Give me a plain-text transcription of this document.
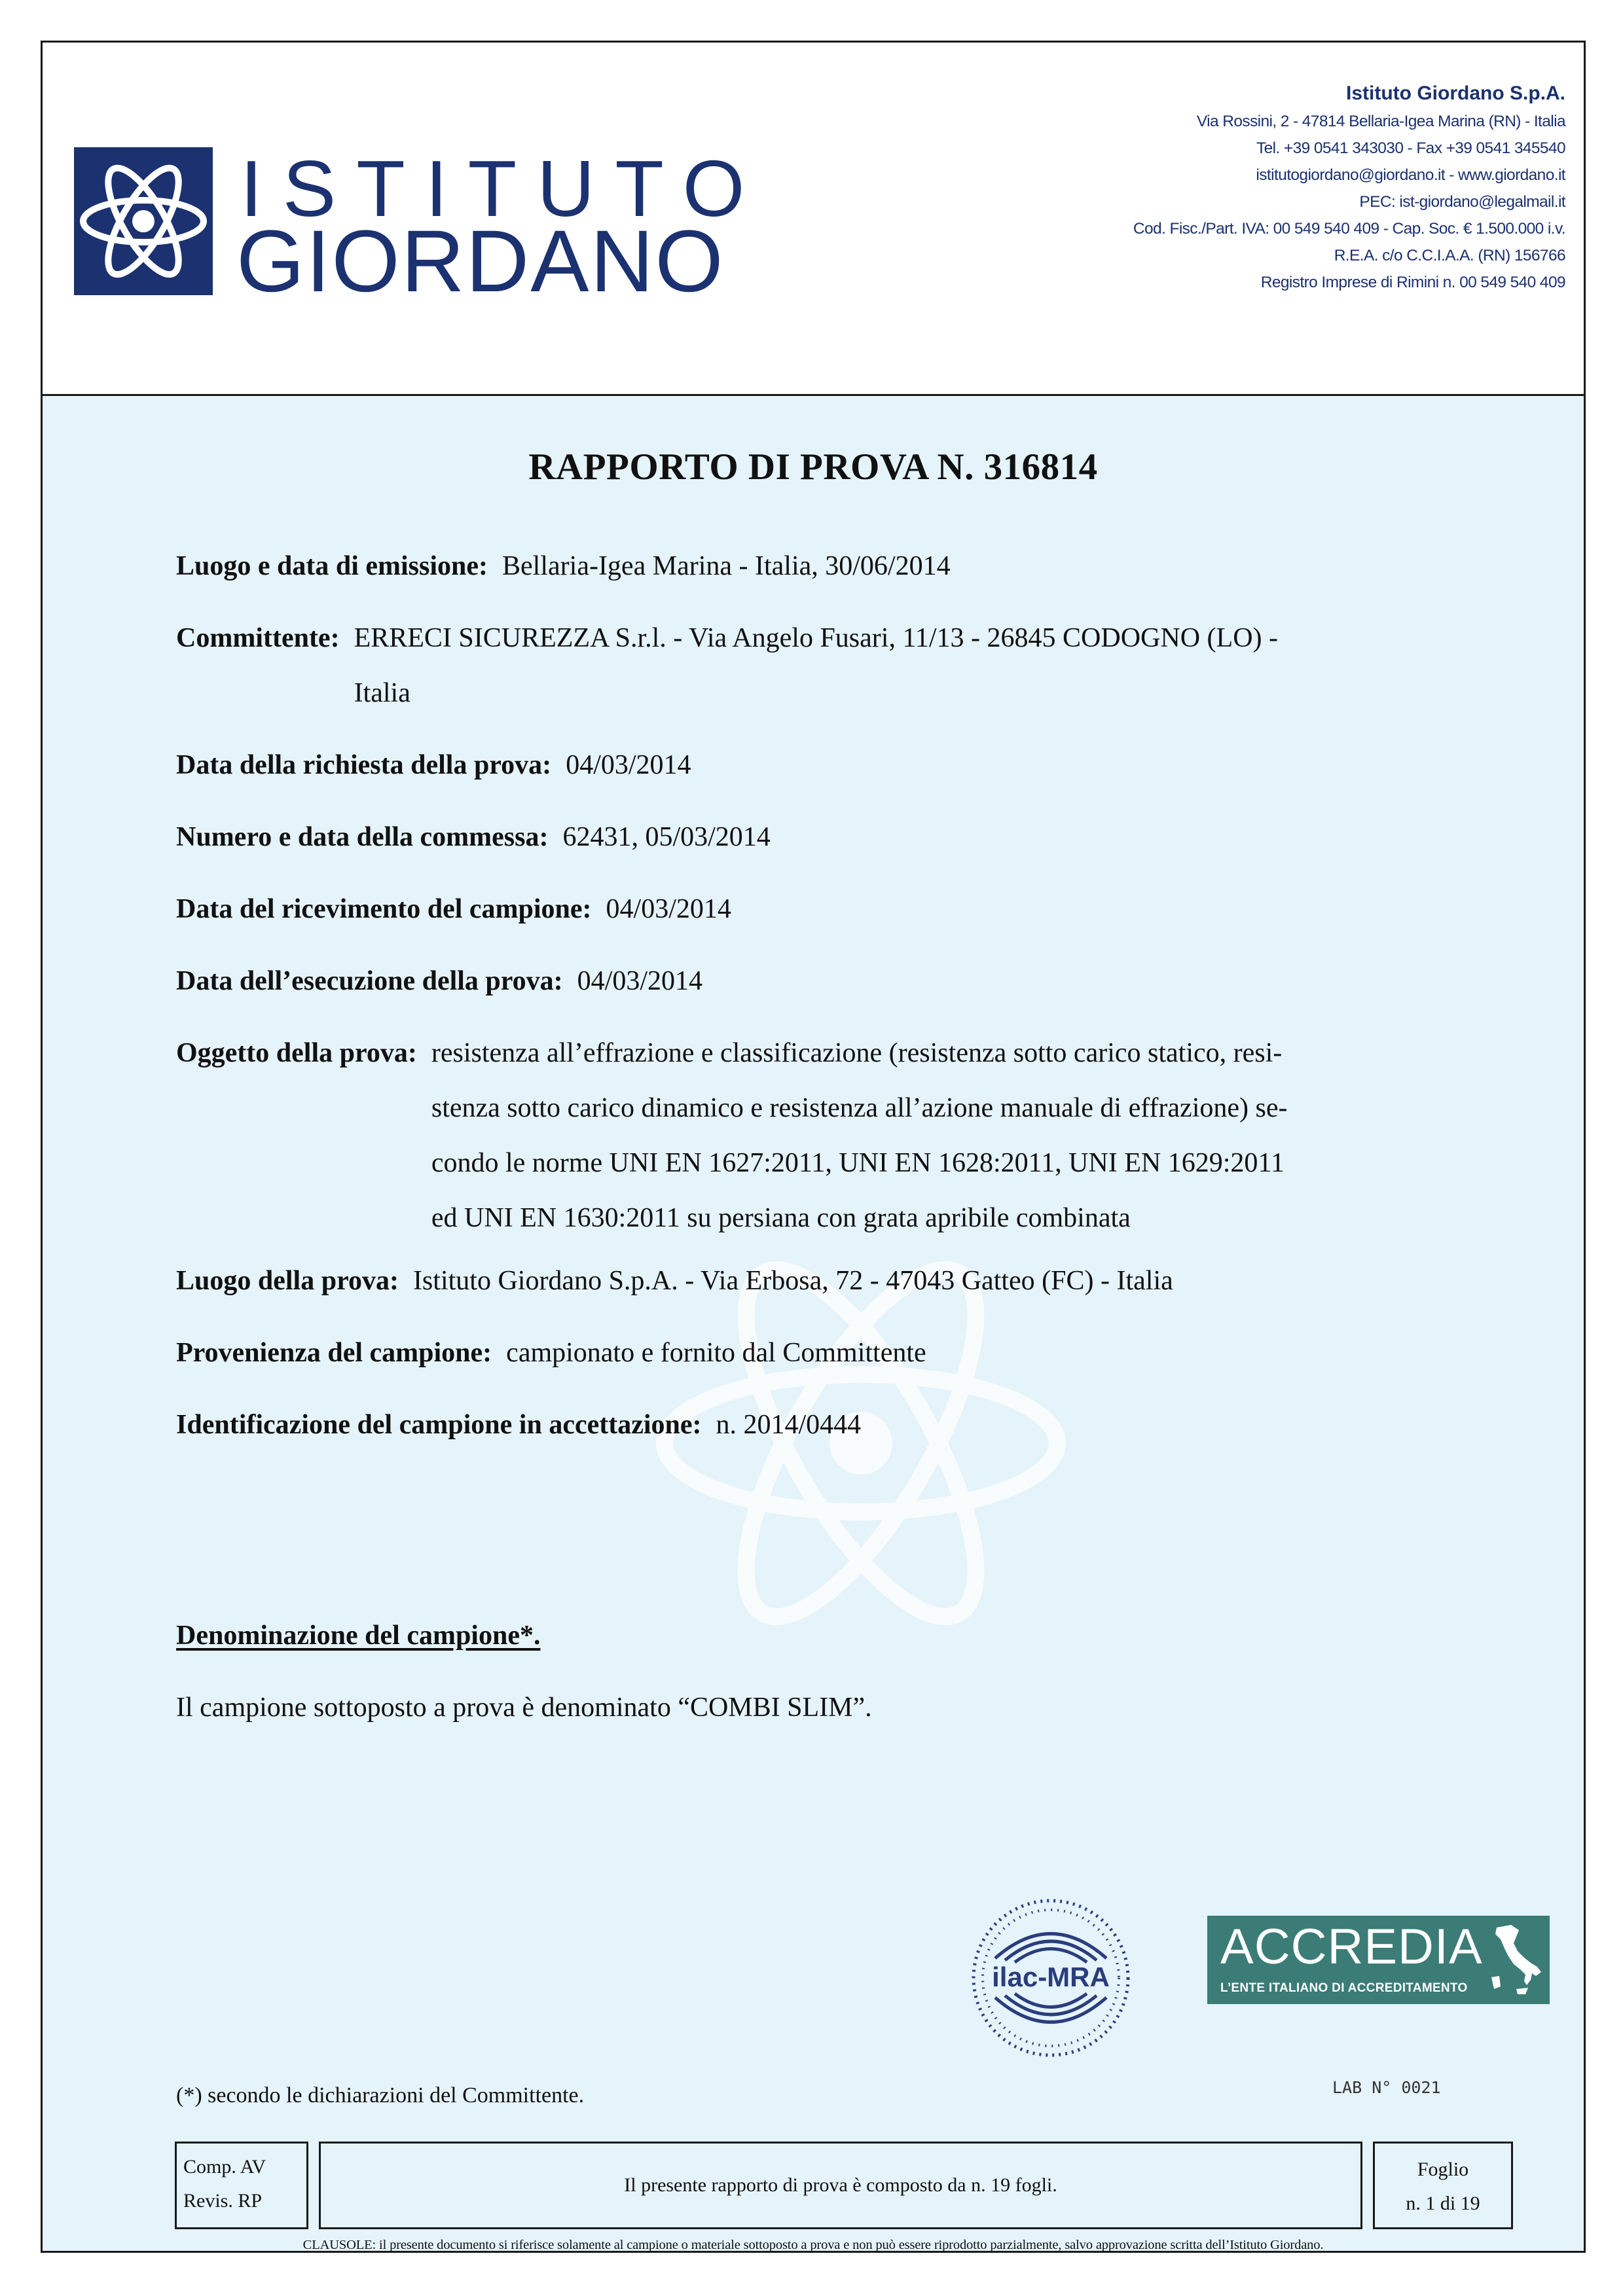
ISTITUTO
GIORDANO
Istituto Giordano S.p.A.
Via Rossini, 2 - 47814 Bellaria-Igea Marina (RN) - Italia
Tel. +39 0541 343030 - Fax +39 0541 345540
istitutogiordano@giordano.it - www.giordano.it
PEC: ist-giordano@legalmail.it
Cod. Fisc./Part. IVA: 00 549 540 409 - Cap. Soc. € 1.500.000 i.v.
R.E.A. c/o C.C.I.A.A. (RN) 156766
Registro Imprese di Rimini n. 00 549 540 409
RAPPORTO DI PROVA N. 316814
Luogo e data di emissione: Bellaria-Igea Marina - Italia, 30/06/2014
Committente: ERRECI SICUREZZA S.r.l. - Via Angelo Fusari, 11/13 - 26845 CODOGNO (LO) -
Italia
Data della richiesta della prova: 04/03/2014
Numero e data della commessa: 62431, 05/03/2014
Data del ricevimento del campione: 04/03/2014
Data dell’esecuzione della prova: 04/03/2014
Oggetto della prova: resistenza all’effrazione e classificazione (resistenza sotto carico statico, resi-
stenza sotto carico dinamico e resistenza all’azione manuale di effrazione) se-
condo le norme UNI EN 1627:2011, UNI EN 1628:2011, UNI EN 1629:2011
ed UNI EN 1630:2011 su persiana con grata apribile combinata
Luogo della prova: Istituto Giordano S.p.A. - Via Erbosa, 72 - 47043 Gatteo (FC) - Italia
Provenienza del campione: campionato e fornito dal Committente
Identificazione del campione in accettazione: n. 2014/0444
Denominazione del campione*.
Il campione sottoposto a prova è denominato “COMBI SLIM”.
ilac-MRA
ACCREDIA
L’ENTE ITALIANO DI ACCREDITAMENTO
LAB N° 0021
(*) secondo le dichiarazioni del Committente.
Comp. AV
Revis. RP
Il presente rapporto di prova è composto da n. 19 fogli.
Foglio
n. 1 di 19
CLAUSOLE: il presente documento si riferisce solamente al campione o materiale sottoposto a prova e non può essere riprodotto parzialmente, salvo approvazione scritta dell’Istituto Giordano.
